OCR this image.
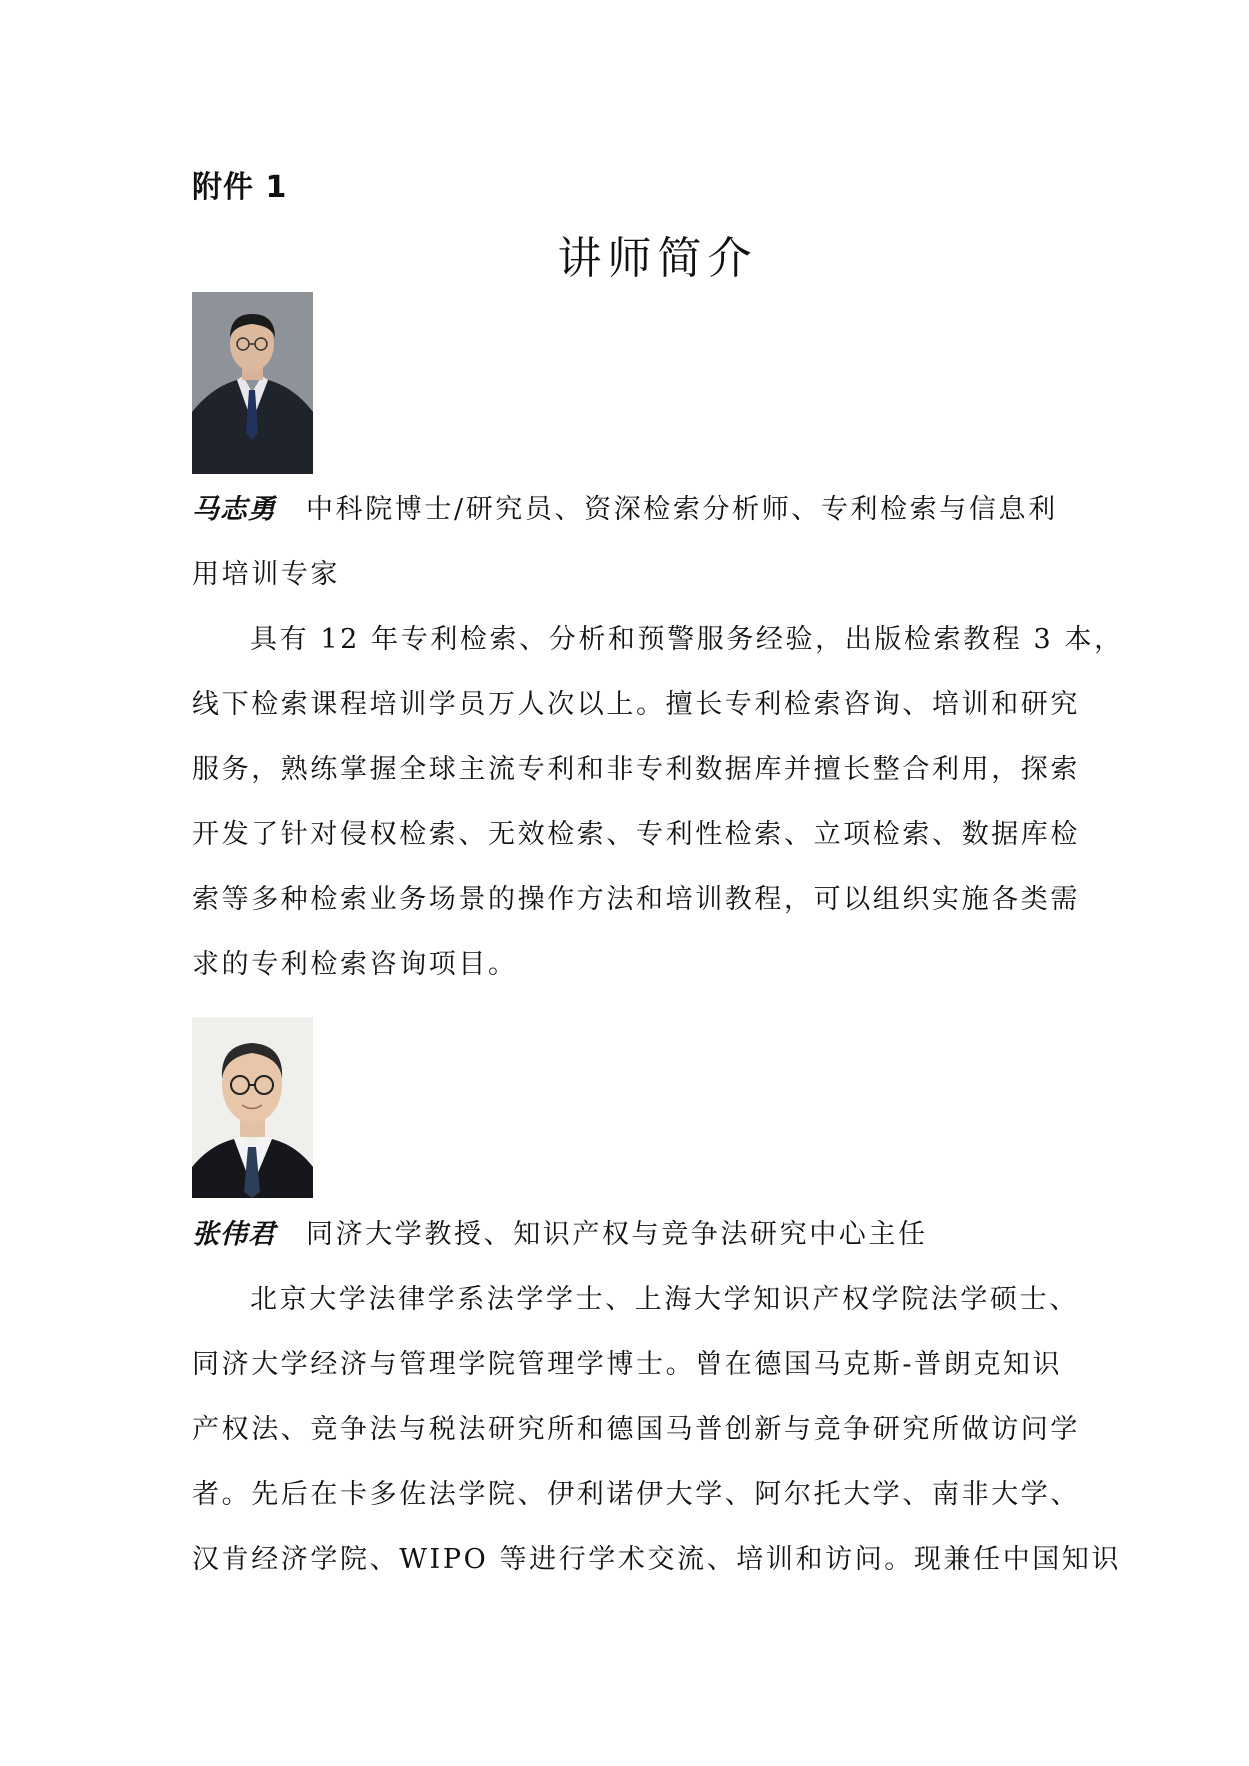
附件 1
讲师简介
马志勇 中科院博士/研究员、资深检索分析师、专利检索与信息利
用培训专家
具有 12 年专利检索、分析和预警服务经验，出版检索教程 3 本，
线下检索课程培训学员万人次以上。擅长专利检索咨询、培训和研究
服务，熟练掌握全球主流专利和非专利数据库并擅长整合利用，探索
开发了针对侵权检索、无效检索、专利性检索、立项检索、数据库检
索等多种检索业务场景的操作方法和培训教程，可以组织实施各类需
求的专利检索咨询项目。
张伟君 同济大学教授、知识产权与竞争法研究中心主任
北京大学法律学系法学学士、上海大学知识产权学院法学硕士、
同济大学经济与管理学院管理学博士。曾在德国马克斯-普朗克知识
产权法、竞争法与税法研究所和德国马普创新与竞争研究所做访问学
者。先后在卡多佐法学院、伊利诺伊大学、阿尔托大学、南非大学、
汉肯经济学院、WIPO 等进行学术交流、培训和访问。现兼任中国知识
